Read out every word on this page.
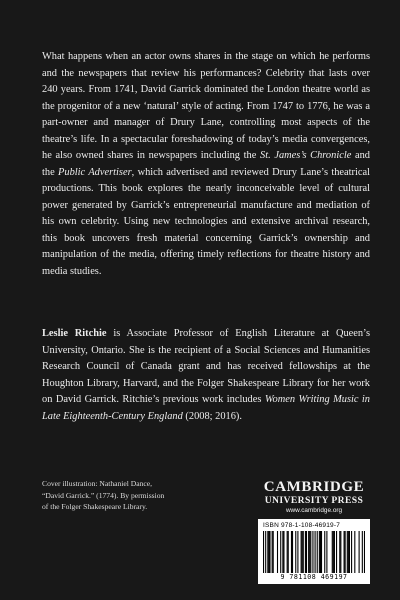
What happens when an actor owns shares in the stage on which he performs and the newspapers that review his performances? Celebrity that lasts over 240 years. From 1741, David Garrick dominated the London theatre world as the progenitor of a new ‘natural’ style of acting. From 1747 to 1776, he was a part-owner and manager of Drury Lane, controlling most aspects of the theatre’s life. In a spectacular foreshadowing of today’s media convergences, he also owned shares in newspapers including the St. James’s Chronicle and the Public Advertiser, which advertised and reviewed Drury Lane’s theatrical productions. This book explores the nearly inconceivable level of cultural power generated by Garrick’s entrepreneurial manufacture and mediation of his own celebrity. Using new technologies and extensive archival research, this book uncovers fresh material concerning Garrick’s ownership and manipulation of the media, offering timely reflections for theatre history and media studies.

Leslie Ritchie is Associate Professor of English Literature at Queen’s University, Ontario. She is the recipient of a Social Sciences and Humanities Research Council of Canada grant and has received fellowships at the Houghton Library, Harvard, and the Folger Shakespeare Library for her work on David Garrick. Ritchie’s previous work includes Women Writing Music in Late Eighteenth-Century England (2008; 2016).

Cover illustration: Nathaniel Dance,
“David Garrick.” (1774). By permission
of the Folger Shakespeare Library.

CAMBRIDGE
UNIVERSITY PRESS
www.cambridge.org
ISBN 978-1-108-46919-7
9 781108 469197
